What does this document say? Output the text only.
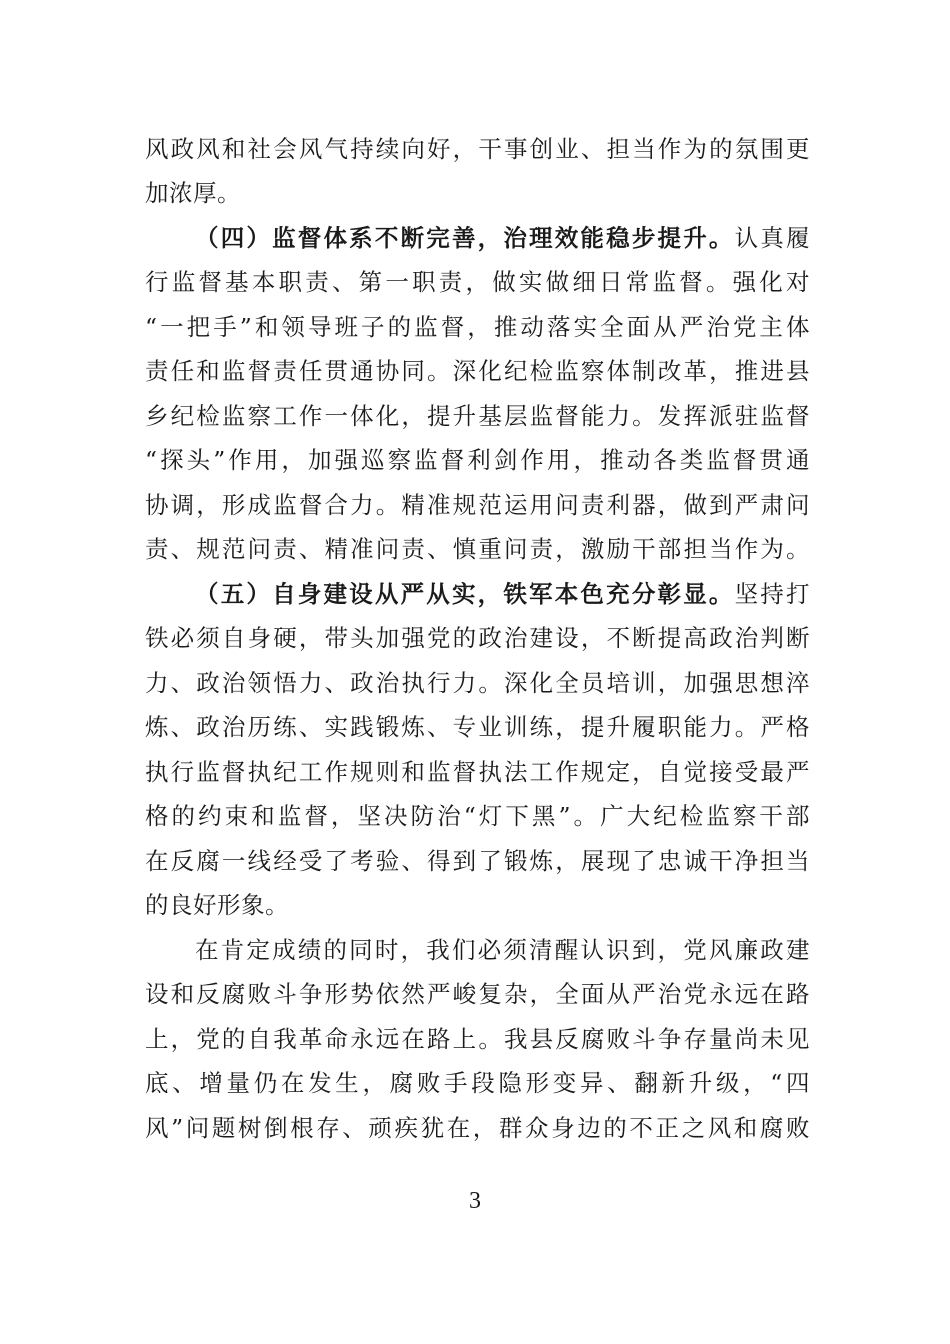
风政风和社会风气持续向好，干事创业、担当作为的氛围更
加浓厚。
（四）监督体系不断完善，治理效能稳步提升。认真履
行监督基本职责、第一职责，做实做细日常监督。强化对
“一把手”和领导班子的监督，推动落实全面从严治党主体
责任和监督责任贯通协同。深化纪检监察体制改革，推进县
乡纪检监察工作一体化，提升基层监督能力。发挥派驻监督
“探头”作用，加强巡察监督利剑作用，推动各类监督贯通
协调，形成监督合力。精准规范运用问责利器，做到严肃问
责、规范问责、精准问责、慎重问责，激励干部担当作为。
（五）自身建设从严从实，铁军本色充分彰显。坚持打
铁必须自身硬，带头加强党的政治建设，不断提高政治判断
力、政治领悟力、政治执行力。深化全员培训，加强思想淬
炼、政治历练、实践锻炼、专业训练，提升履职能力。严格
执行监督执纪工作规则和监督执法工作规定，自觉接受最严
格的约束和监督，坚决防治“灯下黑”。广大纪检监察干部
在反腐一线经受了考验、得到了锻炼，展现了忠诚干净担当
的良好形象。
在肯定成绩的同时，我们必须清醒认识到，党风廉政建
设和反腐败斗争形势依然严峻复杂，全面从严治党永远在路
上，党的自我革命永远在路上。我县反腐败斗争存量尚未见
底、增量仍在发生，腐败手段隐形变异、翻新升级，“四
风”问题树倒根存、顽疾犹在，群众身边的不正之风和腐败
3
